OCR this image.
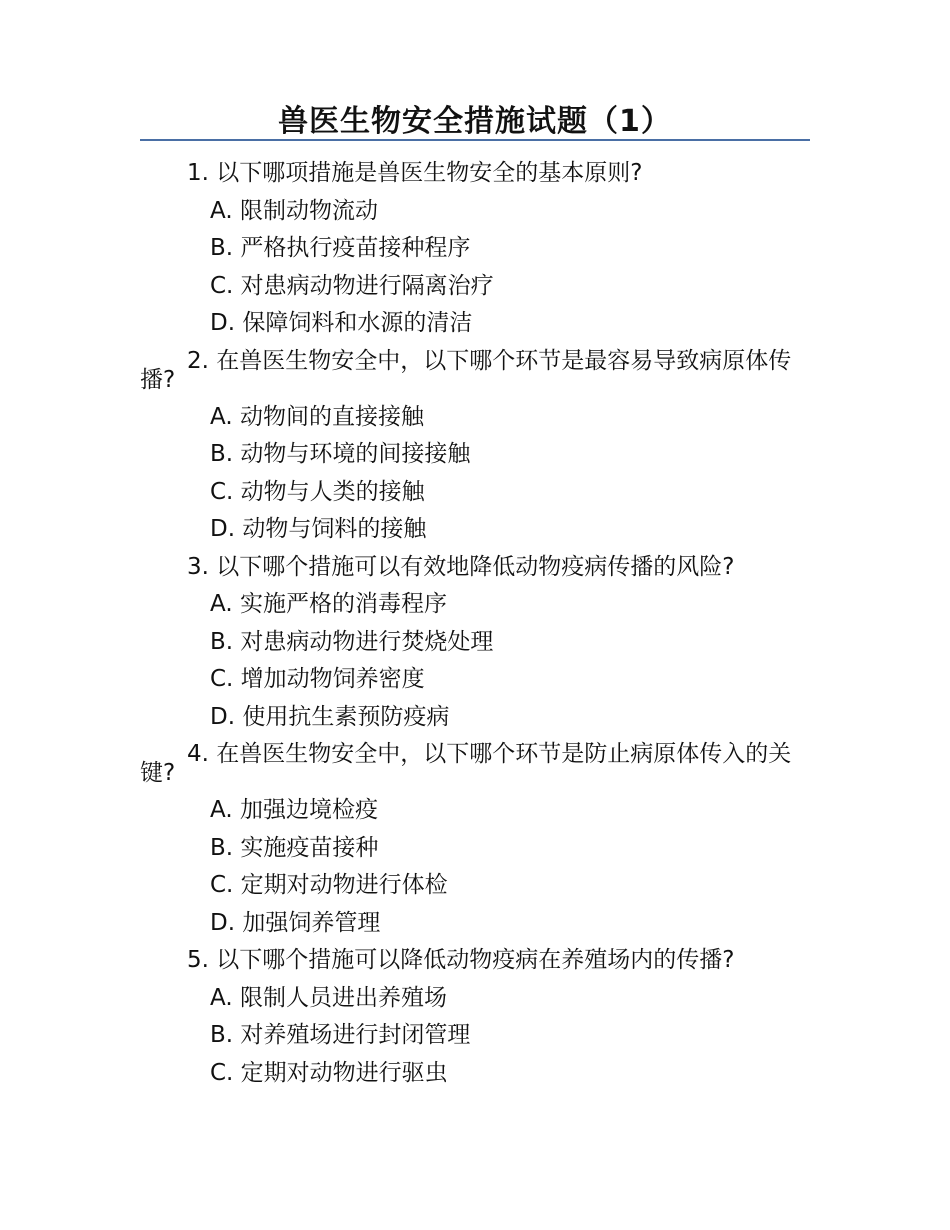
兽医生物安全措施试题（1）

1. 以下哪项措施是兽医生物安全的基本原则?

A. 限制动物流动

B. 严格执行疫苗接种程序

C. 对患病动物进行隔离治疗

D. 保障饲料和水源的清洁

2. 在兽医生物安全中，以下哪个环节是最容易导致病原体传播?

A. 动物间的直接接触

B. 动物与环境的间接接触

C. 动物与人类的接触

D. 动物与饲料的接触

3. 以下哪个措施可以有效地降低动物疫病传播的风险?

A. 实施严格的消毒程序

B. 对患病动物进行焚烧处理

C. 增加动物饲养密度

D. 使用抗生素预防疫病

4. 在兽医生物安全中，以下哪个环节是防止病原体传入的关键?

A. 加强边境检疫

B. 实施疫苗接种

C. 定期对动物进行体检

D. 加强饲养管理

5. 以下哪个措施可以降低动物疫病在养殖场内的传播?

A. 限制人员进出养殖场

B. 对养殖场进行封闭管理

C. 定期对动物进行驱虫
